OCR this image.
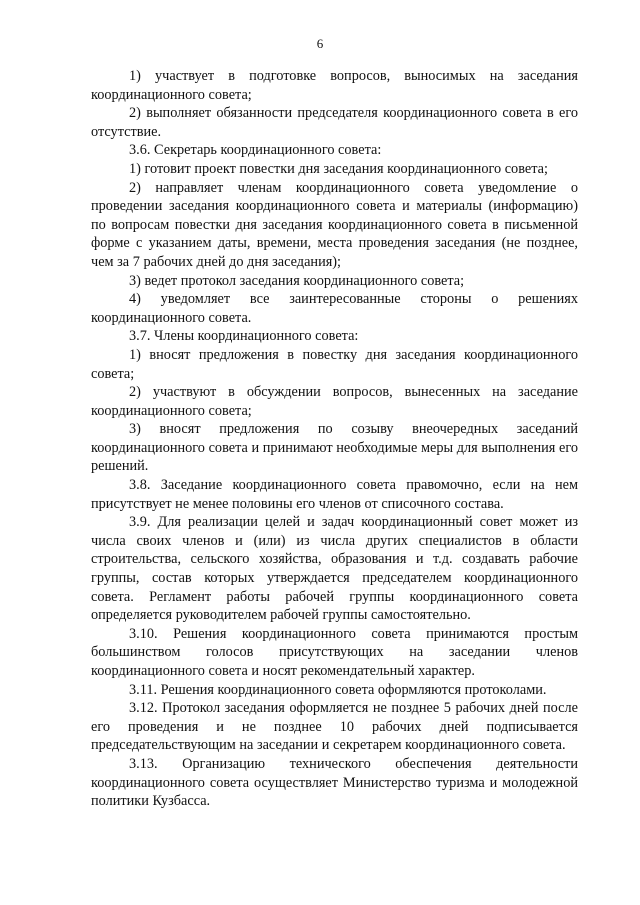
6

1) участвует в подготовке вопросов, выносимых на заседания координационного совета;

2) выполняет обязанности председателя координационного совета в его отсутствие.

3.6. Секретарь координационного совета:

1) готовит проект повестки дня заседания координационного совета;

2) направляет членам координационного совета уведомление о проведении заседания координационного совета и материалы (информацию) по вопросам повестки дня заседания координационного совета в письменной форме с указанием даты, времени, места проведения заседания (не позднее, чем за 7 рабочих дней до дня заседания);

3) ведет протокол заседания координационного совета;

4) уведомляет все заинтересованные стороны о решениях координационного совета.

3.7. Члены координационного совета:

1) вносят предложения в повестку дня заседания координационного совета;

2) участвуют в обсуждении вопросов, вынесенных на заседание координационного совета;

3) вносят предложения по созыву внеочередных заседаний координационного совета и принимают необходимые меры для выполнения его решений.

3.8. Заседание координационного совета правомочно, если на нем присутствует не менее половины его членов от списочного состава.

3.9. Для реализации целей и задач координационный совет может из числа своих членов и (или) из числа других специалистов в области строительства, сельского хозяйства, образования и т.д. создавать рабочие группы, состав которых утверждается председателем координационного совета. Регламент работы рабочей группы координационного совета определяется руководителем рабочей группы самостоятельно.

3.10. Решения координационного совета принимаются простым большинством голосов присутствующих на заседании членов координационного совета и носят рекомендательный характер.

3.11. Решения координационного совета оформляются протоколами.

3.12. Протокол заседания оформляется не позднее 5 рабочих дней после его проведения и не позднее 10 рабочих дней подписывается председательствующим на заседании и секретарем координационного совета.

3.13. Организацию технического обеспечения деятельности координационного совета осуществляет Министерство туризма и молодежной политики Кузбасса.
